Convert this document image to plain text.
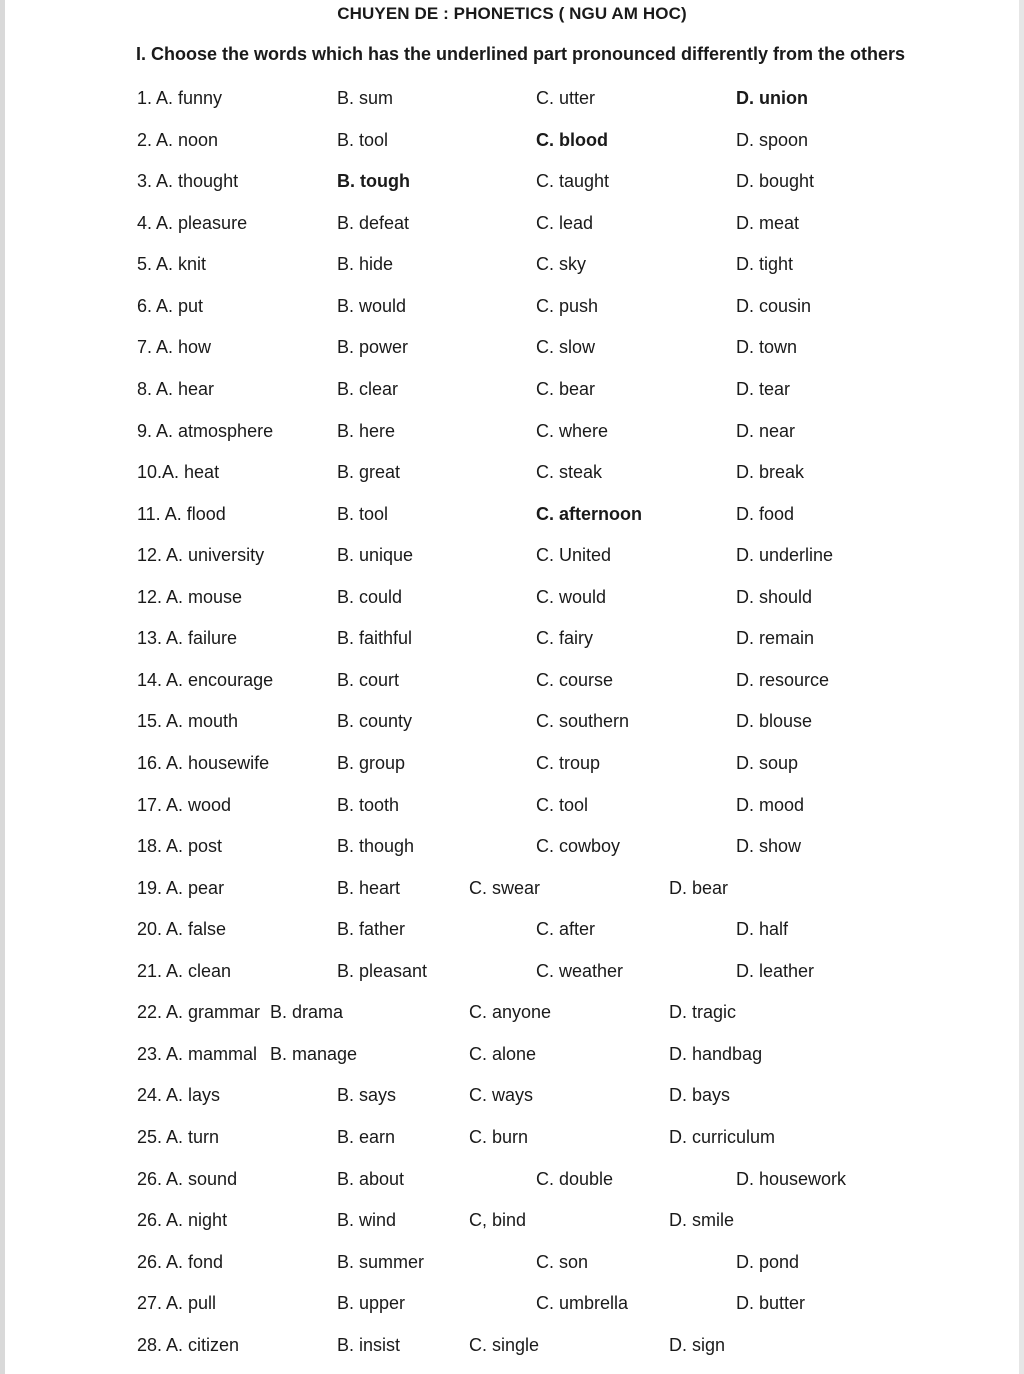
CHUYEN DE : PHONETICS ( NGU AM HOC)
I. Choose the words which has the underlined part pronounced differently from the others
1. A. funny	B. sum	C. utter	D. union
2. A. noon	B. tool	C. blood	D. spoon
3. A. thought	B. tough	C. taught	D. bought
4. A. pleasure	B. defeat	C. lead	D. meat
5. A. knit	B. hide	C. sky	D. tight
6. A. put	B. would	C. push	D. cousin
7. A. how	B. power	C. slow	D. town
8. A. hear	B. clear	C. bear	D. tear
9. A. atmosphere	B. here	C. where	D. near
10.A. heat	B. great	C. steak	D. break
11. A. flood	B. tool	C. afternoon	D. food
12. A. university	B. unique	C. United	D. underline
12. A. mouse	B. could	C. would	D. should
13. A. failure	B. faithful	C. fairy	D. remain
14. A. encourage	B. court	C. course	D. resource
15. A. mouth	B. county	C. southern	D. blouse
16. A. housewife	B. group	C. troup	D. soup
17. A. wood	B. tooth	C. tool	D. mood
18. A. post	B. though	C. cowboy	D. show
19. A. pear	B. heart	C. swear	D. bear
20. A. false	B. father	C. after	D. half
21. A. clean	B. pleasant	C. weather	D. leather
22. A. grammar B. drama	C. anyone	D. tragic
23. A. mammal B. manage	C. alone	D. handbag
24. A. lays	B. says	C. ways	D. bays
25. A. turn	B. earn	C. burn	D. curriculum
26. A. sound	B. about	C. double	D. housework
26. A. night	B. wind	C, bind	D. smile
26. A. fond	B. summer	C. son	D. pond
27. A. pull	B. upper	C. umbrella	D. butter
28. A. citizen	B. insist	C. single	D. sign
